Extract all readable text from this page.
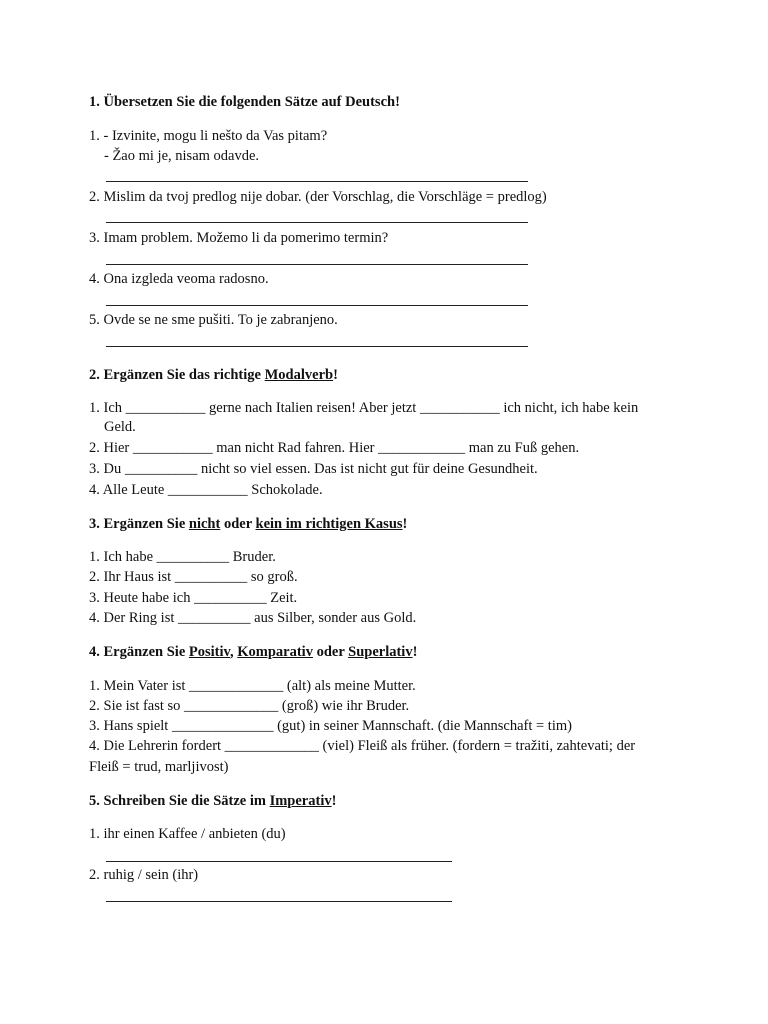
1. Übersetzen Sie die folgenden Sätze auf Deutsch!
1. - Izvinite, mogu li nešto da Vas pitam?
- Žao mi je, nisam odavde.
2. Mislim da tvoj predlog nije dobar. (der Vorschlag, die Vorschläge = predlog)
3. Imam problem. Možemo li da pomerimo termin?
4. Ona izgleda veoma radosno.
5. Ovde se ne sme pušiti. To je zabranjeno.
2. Ergänzen Sie das richtige Modalverb!
1. Ich ___________ gerne nach Italien reisen! Aber jetzt ___________ ich nicht, ich habe kein
Geld.
2. Hier ___________ man nicht Rad fahren. Hier ____________ man zu Fuß gehen.
3. Du __________ nicht so viel essen. Das ist nicht gut für deine Gesundheit.
4. Alle Leute ___________ Schokolade.
3. Ergänzen Sie nicht oder kein im richtigen Kasus!
1. Ich habe __________ Bruder.
2. Ihr Haus ist __________ so groß.
3. Heute habe ich __________ Zeit.
4. Der Ring ist __________ aus Silber, sonder aus Gold.
4. Ergänzen Sie Positiv, Komparativ oder Superlativ!
1. Mein Vater ist _____________ (alt) als meine Mutter.
2. Sie ist fast so _____________ (groß) wie ihr Bruder.
3. Hans spielt ______________ (gut) in seiner Mannschaft. (die Mannschaft = tim)
4. Die Lehrerin fordert _____________ (viel) Fleiß als früher. (fordern = tražiti, zahtevati; der
Fleiß = trud, marljivost)
5. Schreiben Sie die Sätze im Imperativ!
1. ihr einen Kaffee / anbieten (du)
2. ruhig / sein (ihr)
